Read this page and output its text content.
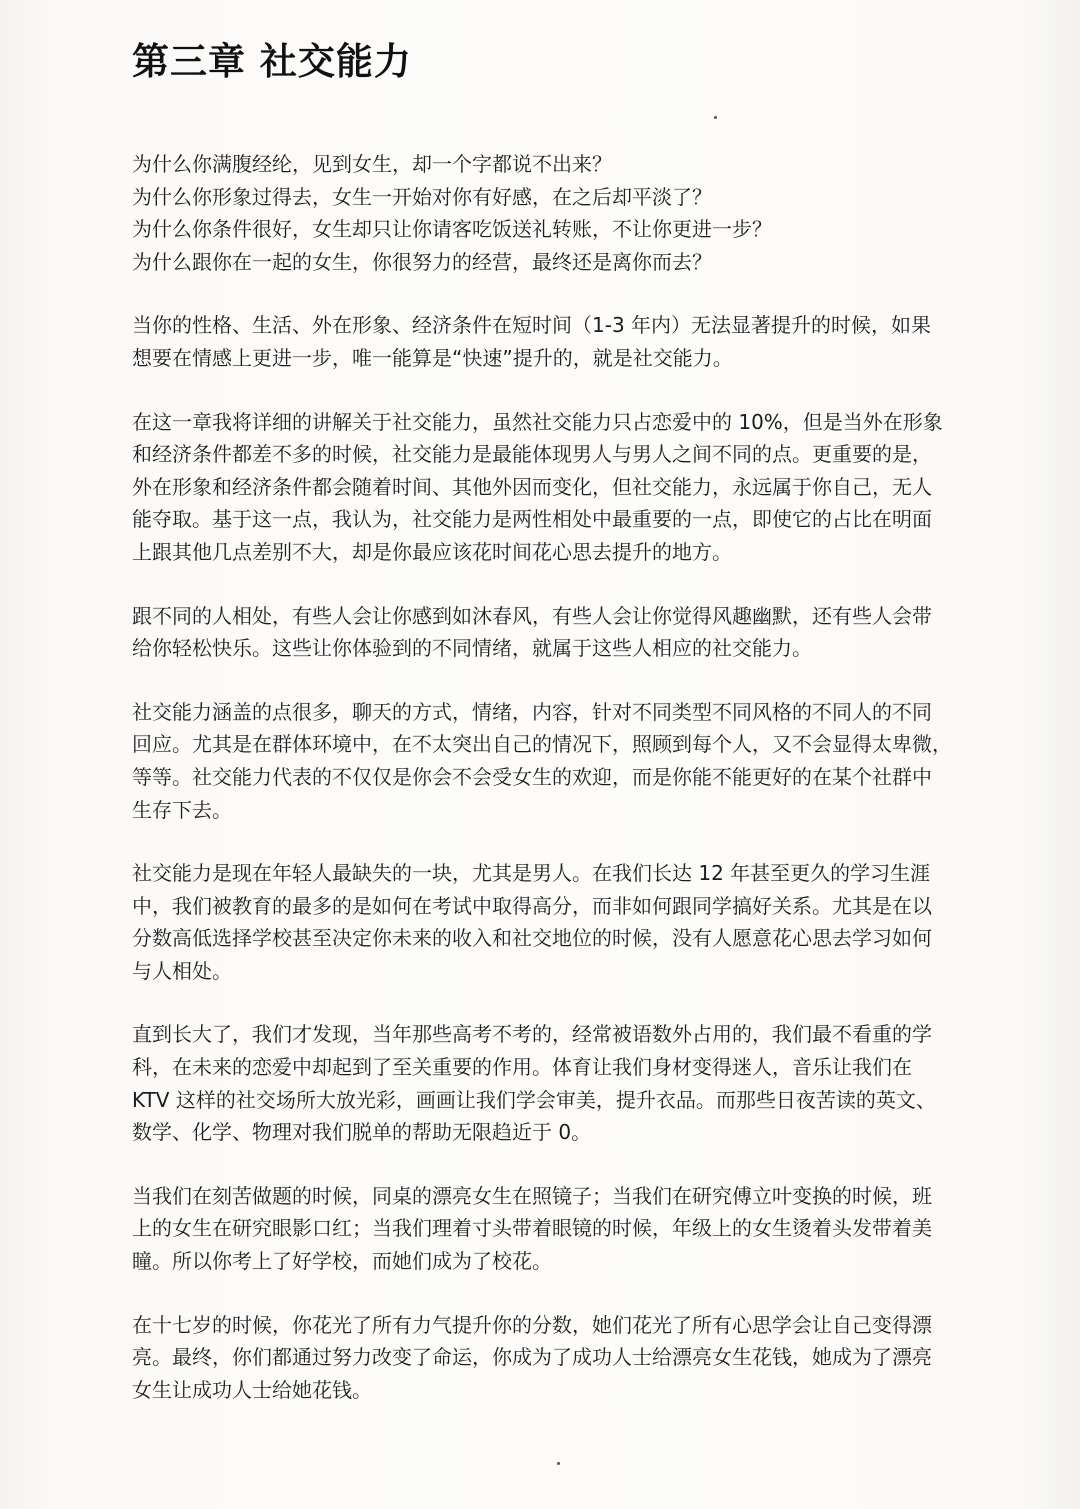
第三章 社交能力

为什么你满腹经纶，见到女生，却一个字都说不出来？
为什么你形象过得去，女生一开始对你有好感，在之后却平淡了？
为什么你条件很好，女生却只让你请客吃饭送礼转账，不让你更进一步？
为什么跟你在一起的女生，你很努力的经营，最终还是离你而去？

当你的性格、生活、外在形象、经济条件在短时间（1-3 年内）无法显著提升的时候，如果
想要在情感上更进一步，唯一能算是“快速”提升的，就是社交能力。

在这一章我将详细的讲解关于社交能力，虽然社交能力只占恋爱中的 10%，但是当外在形象
和经济条件都差不多的时候，社交能力是最能体现男人与男人之间不同的点。更重要的是，
外在形象和经济条件都会随着时间、其他外因而变化，但社交能力，永远属于你自己，无人
能夺取。基于这一点，我认为，社交能力是两性相处中最重要的一点，即使它的占比在明面
上跟其他几点差别不大，却是你最应该花时间花心思去提升的地方。

跟不同的人相处，有些人会让你感到如沐春风，有些人会让你觉得风趣幽默，还有些人会带
给你轻松快乐。这些让你体验到的不同情绪，就属于这些人相应的社交能力。

社交能力涵盖的点很多，聊天的方式，情绪，内容，针对不同类型不同风格的不同人的不同
回应。尤其是在群体环境中，在不太突出自己的情况下，照顾到每个人，又不会显得太卑微，
等等。社交能力代表的不仅仅是你会不会受女生的欢迎，而是你能不能更好的在某个社群中
生存下去。

社交能力是现在年轻人最缺失的一块，尤其是男人。在我们长达 12 年甚至更久的学习生涯
中，我们被教育的最多的是如何在考试中取得高分，而非如何跟同学搞好关系。尤其是在以
分数高低选择学校甚至决定你未来的收入和社交地位的时候，没有人愿意花心思去学习如何
与人相处。

直到长大了，我们才发现，当年那些高考不考的，经常被语数外占用的，我们最不看重的学
科，在未来的恋爱中却起到了至关重要的作用。体育让我们身材变得迷人，音乐让我们在
KTV 这样的社交场所大放光彩，画画让我们学会审美，提升衣品。而那些日夜苦读的英文、
数学、化学、物理对我们脱单的帮助无限趋近于 0。

当我们在刻苦做题的时候，同桌的漂亮女生在照镜子；当我们在研究傅立叶变换的时候，班
上的女生在研究眼影口红；当我们理着寸头带着眼镜的时候，年级上的女生烫着头发带着美
瞳。所以你考上了好学校，而她们成为了校花。

在十七岁的时候，你花光了所有力气提升你的分数，她们花光了所有心思学会让自己变得漂
亮。最终，你们都通过努力改变了命运，你成为了成功人士给漂亮女生花钱，她成为了漂亮
女生让成功人士给她花钱。
